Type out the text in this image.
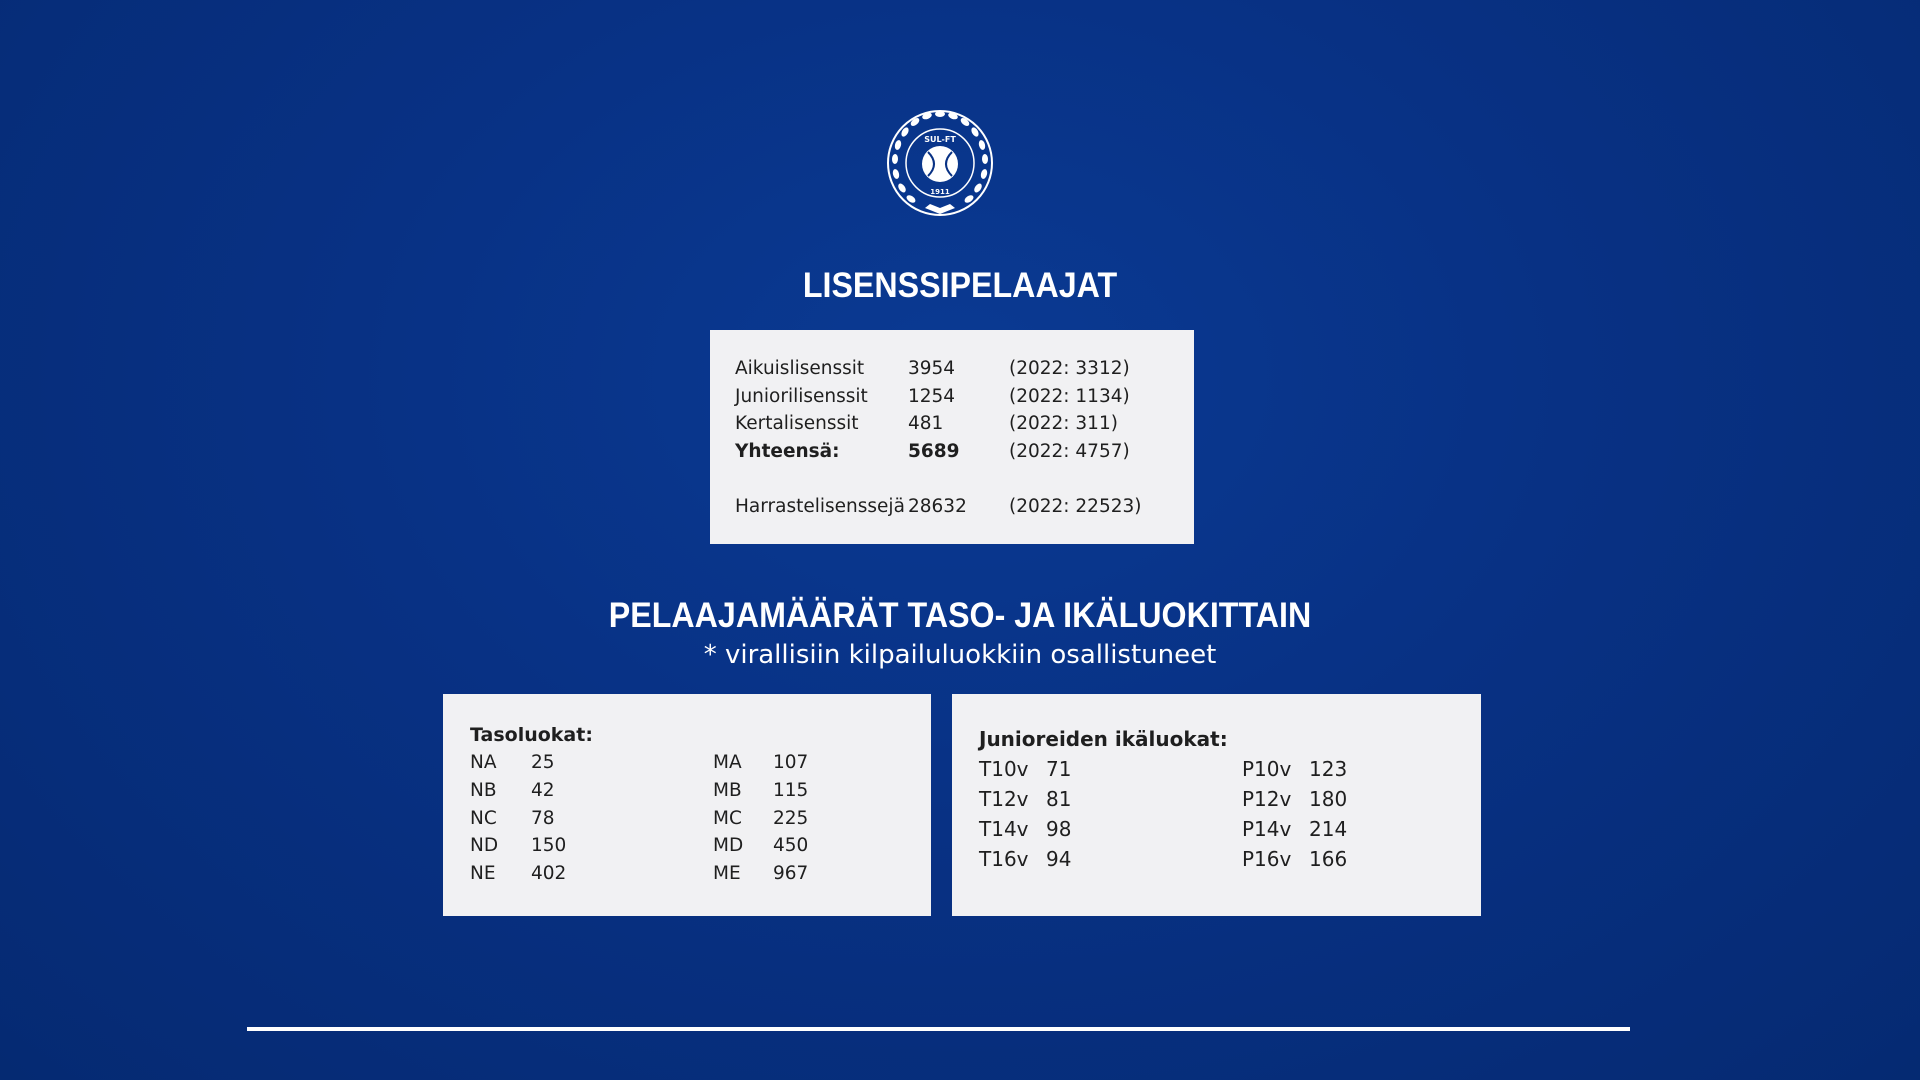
SUL-FT
1911
LISENSSIPELAAJAT
Aikuislisenssit 3954	(2022: 3312)
Juniorilisenssit 1254	(2022: 1134)
Kertalisenssit	481	(2022: 311)
Yhteensä:	5689	(2022: 4757)
Harrastelisenssejä 28632 (2022: 22523)
PELAAJAMÄÄRÄT TASO- JA IKÄLUOKITTAIN
* virallisiin kilpailuluokkiin osallistuneet
Tasoluokat:
NA 25	MA 107
NB 42	MB 115
NC 78	MC 225
ND 150	MD 450
NE 402	ME 967
Junioreiden ikäluokat:
T10v 71	P10v 123
T12v 81	P12v 180
T14v 98	P14v 214
T16v 94	P16v 166
